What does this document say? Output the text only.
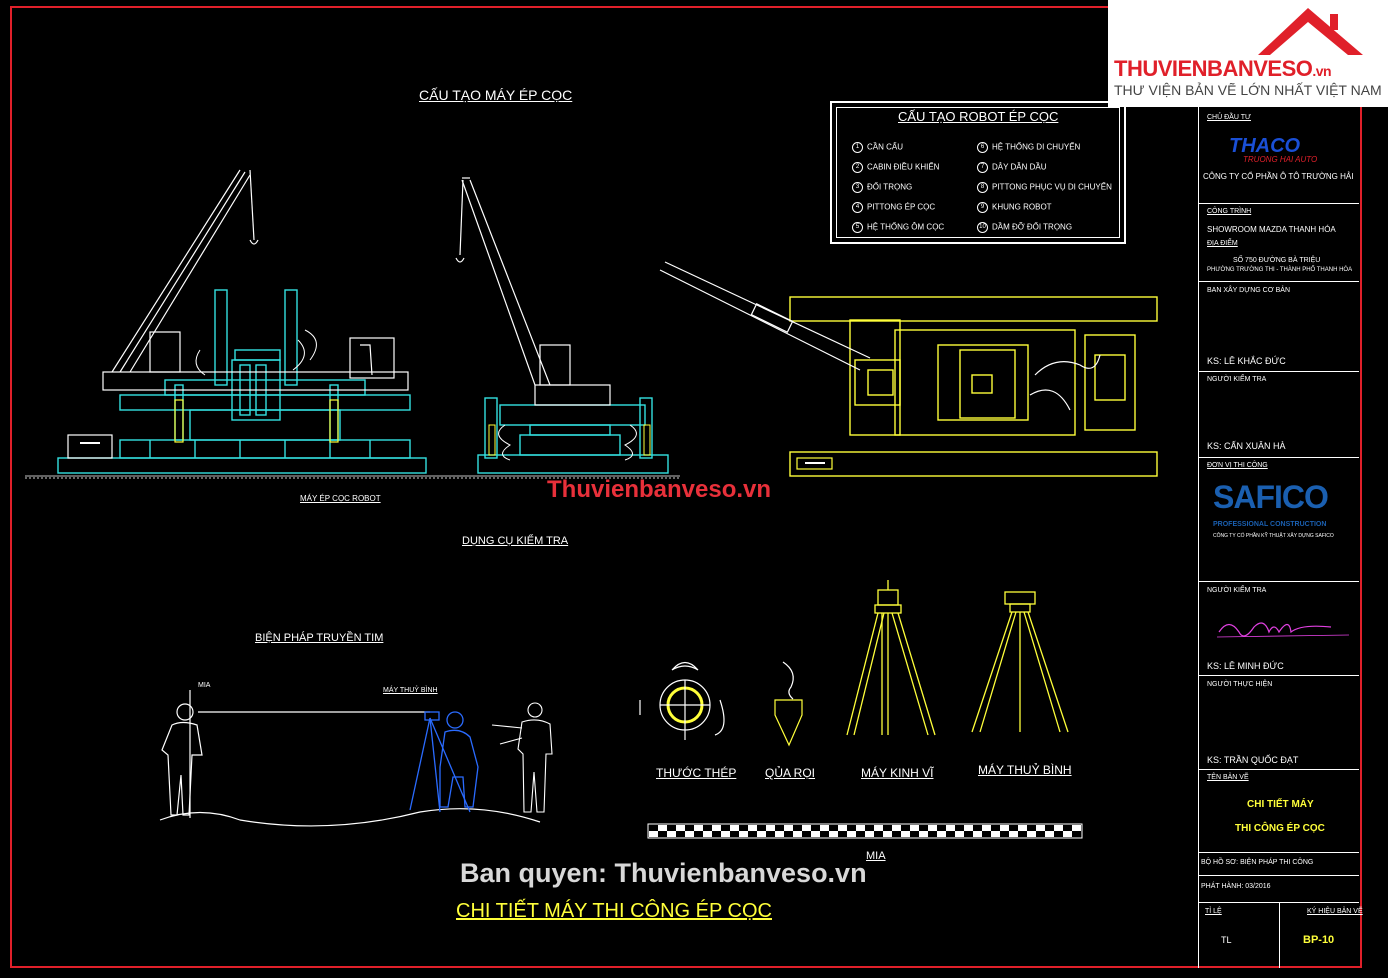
CẤU TẠO MÁY ÉP CỌC
MÁY ÉP CỌC ROBOT
DỤNG CỤ KIỂM TRA
BIỆN PHÁP TRUYỀN TIM
CHI TIẾT MÁY THI CÔNG ÉP CỌC
CẤU TẠO ROBOT ÉP CỌC
1 CẦN CẨU
2 CABIN ĐIỀU KHIỂN
3 ĐỐI TRỌNG
4 PITTONG ÉP CỌC
5 HỆ THỐNG ÔM CỌC
6 HỆ THỐNG DI CHUYỂN
7 DÂY DẪN DẦU
8 PITTONG PHỤC VỤ DI CHUYỂN
9 KHUNG ROBOT
10 DẦM ĐỠ ĐỐI TRỌNG
THƯỚC THÉP QỦA RỌI	MÁY KINH VĨ	MÁY THUỶ BÌNH
MIA
MIA
MÁY THUỶ BÌNH
Thuvienbanveso.vn
Ban quyen: Thuvienbanveso.vn
THUVIENBANVESO.vn
THƯ VIỆN BẢN VẼ LỚN NHẤT VIỆT NAM
CHỦ ĐẦU TƯ
THACO
TRUONG HAI AUTO
CÔNG TY CỔ PHẦN Ô TÔ TRƯỜNG HẢI
CÔNG TRÌNH
SHOWROOM MAZDA THANH HÓA
ĐỊA ĐIỂM
SỐ 750 ĐƯỜNG BÀ TRIỆU
PHƯỜNG TRƯỜNG THI - THÀNH PHỐ THANH HÓA
BAN XÂY DỰNG CƠ BẢN
KS: LÊ KHẮC ĐỨC
NGƯỜI KIỂM TRA
KS: CẤN XUÂN HÀ
ĐƠN VỊ THI CÔNG
SAFICO
PROFESSIONAL CONSTRUCTION
CÔNG TY CỔ PHẦN KỸ THUẬT XÂY DỰNG SAFICO
NGƯỜI KIỂM TRA
KS: LÊ MINH ĐỨC
NGƯỜI THỰC HIỆN
KS: TRẦN QUỐC ĐẠT
TÊN BẢN VẼ
CHI TIẾT MÁY
THI CÔNG ÉP CỌC
BỘ HỒ SƠ: BIỆN PHÁP THI CÔNG
PHÁT HÀNH: 03/2016
TỈ LỆ	KÝ HIỆU BẢN VẼ
TL	BP-10
